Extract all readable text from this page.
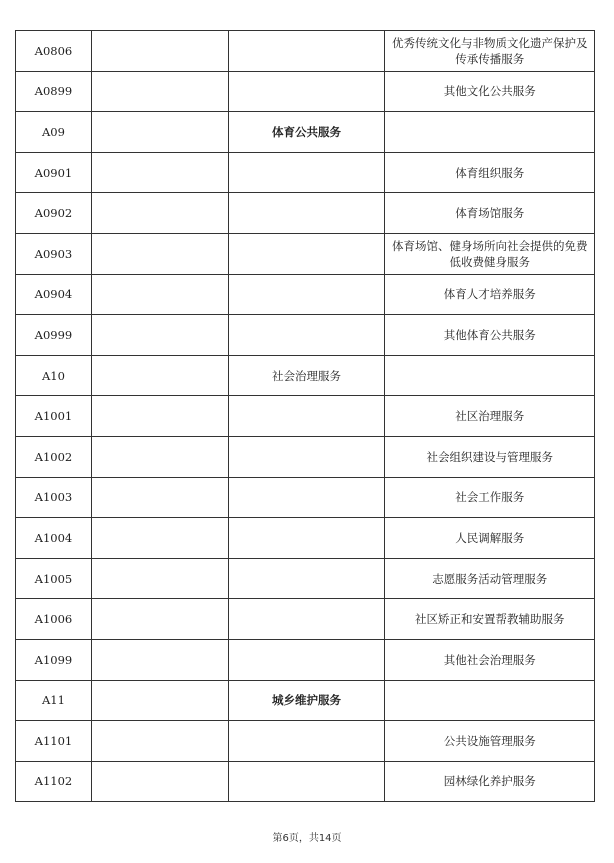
A0806			优秀传统文化与非物质文化遗产保护及传承传播服务
A0899			其他文化公共服务
A09		体育公共服务	
A0901			体育组织服务
A0902			体育场馆服务
A0903			体育场馆、健身场所向社会提供的免费低收费健身服务
A0904			体育人才培养服务
A0999			其他体育公共服务
A10		社会治理服务	
A1001			社区治理服务
A1002			社会组织建设与管理服务
A1003			社会工作服务
A1004			人民调解服务
A1005			志愿服务活动管理服务
A1006			社区矫正和安置帮教辅助服务
A1099			其他社会治理服务
A11		城乡维护服务	
A1101			公共设施管理服务
A1102			园林绿化养护服务
第6页，共14页
